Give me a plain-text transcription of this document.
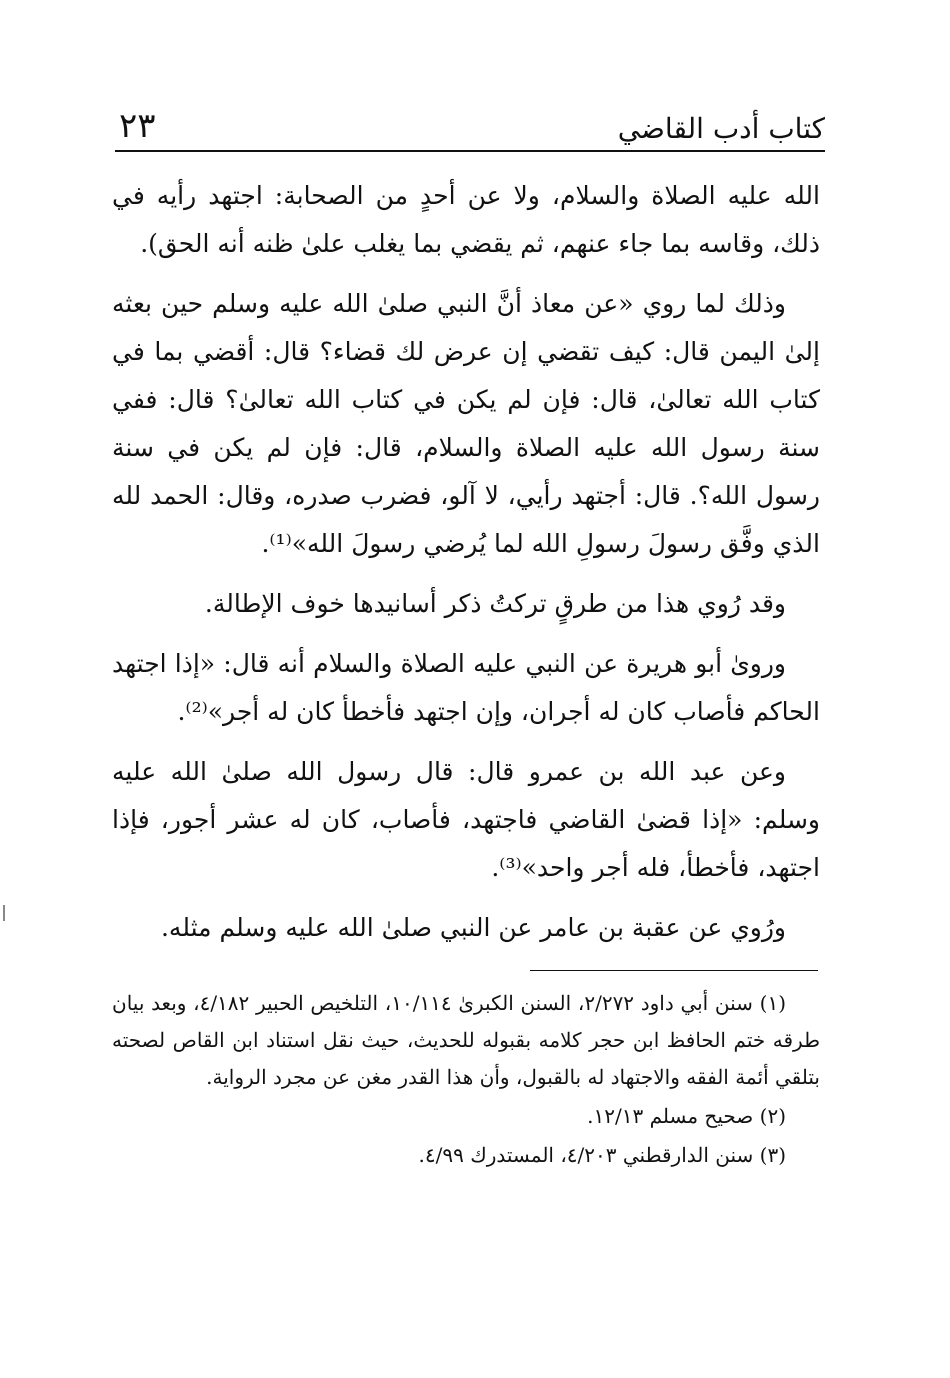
٢٣	كتاب أدب القاضي

الله عليه الصلاة والسلام، ولا عن أحدٍ من الصحابة: اجتهد رأيه في ذلك، وقاسه بما جاء عنهم، ثم يقضي بما يغلب علىٰ ظنه أنه الحق).

وذلك لما روي «عن معاذ أنَّ النبي صلىٰ الله عليه وسلم حين بعثه إلىٰ اليمن قال: كيف تقضي إن عرض لك قضاء؟ قال: أقضي بما في كتاب الله تعالىٰ، قال: فإن لم يكن في كتاب الله تعالىٰ؟ قال: ففي سنة رسول الله عليه الصلاة والسلام، قال: فإن لم يكن في سنة رسول الله؟. قال: أجتهد رأيي، لا آلو، فضرب صدره، وقال: الحمد لله الذي وفَّق رسولَ رسولِ الله لما يُرضي رسولَ الله»⁽¹⁾.

وقد رُوي هذا من طرقٍ تركتُ ذكر أسانيدها خوف الإطالة.

وروىٰ أبو هريرة عن النبي عليه الصلاة والسلام أنه قال: «إذا اجتهد الحاكم فأصاب كان له أجران، وإن اجتهد فأخطأ كان له أجر»⁽²⁾.

وعن عبد الله بن عمرو قال: قال رسول الله صلىٰ الله عليه وسلم: «إذا قضىٰ القاضي فاجتهد، فأصاب، كان له عشر أجور، فإذا اجتهد، فأخطأ، فله أجر واحد»⁽³⁾.

ورُوي عن عقبة بن عامر عن النبي صلىٰ الله عليه وسلم مثله.

(١) سنن أبي داود ٢/٢٧٢، السنن الكبرىٰ ١٠/١١٤، التلخيص الحبير ٤/١٨٢، وبعد بيان طرقه ختم الحافظ ابن حجر كلامه بقبوله للحديث، حيث نقل استناد ابن القاص لصحته بتلقي أئمة الفقه والاجتهاد له بالقبول، وأن هذا القدر مغن عن مجرد الرواية.

(٢) صحيح مسلم ١٢/١٣.

(٣) سنن الدارقطني ٤/٢٠٣، المستدرك ٤/٩٩.
